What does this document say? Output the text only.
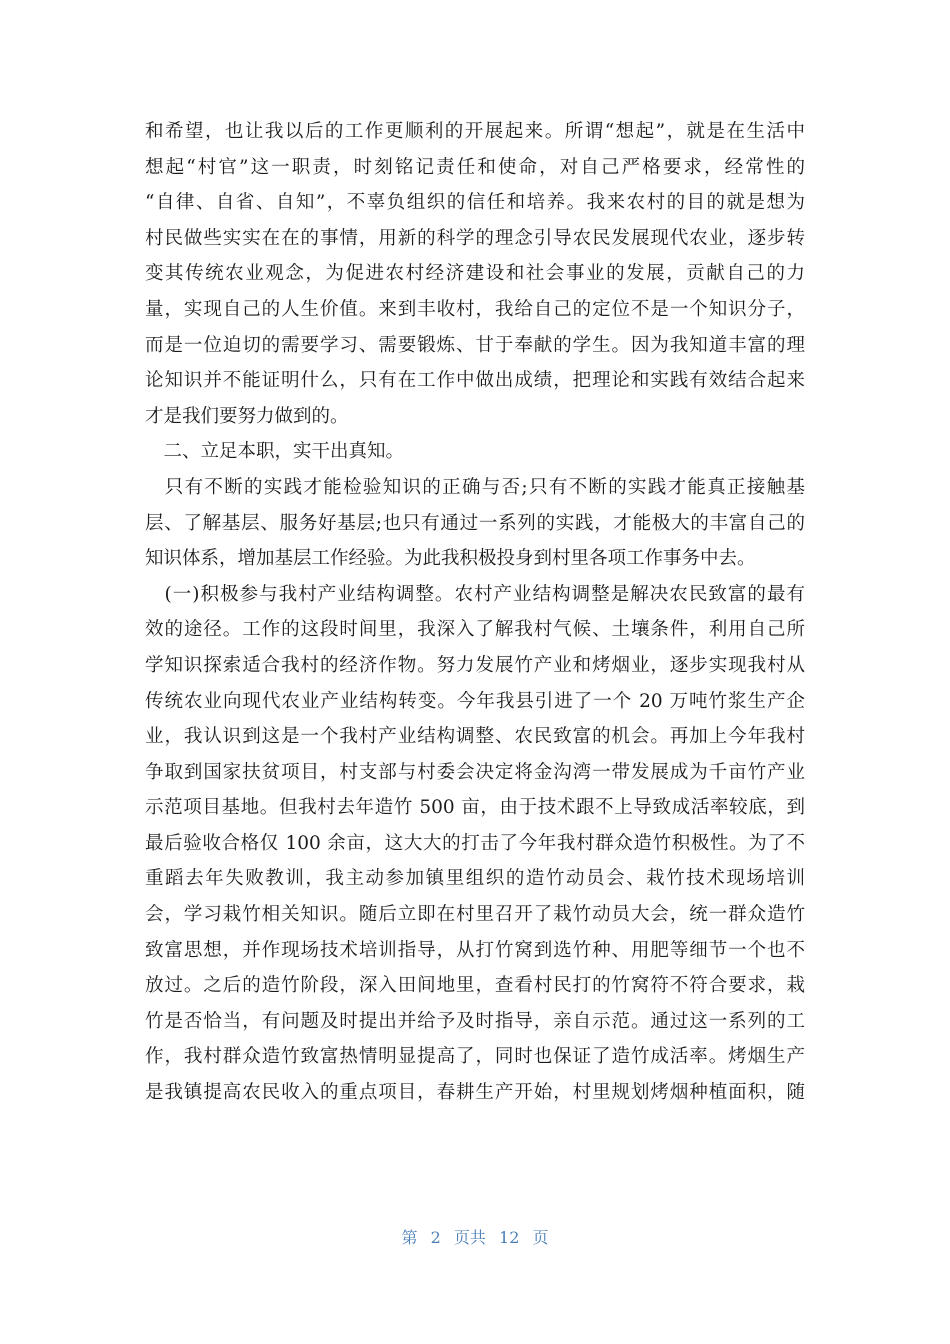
和希望，也让我以后的工作更顺利的开展起来。所谓“想起”，就是在生活中
想起“村官”这一职责，时刻铭记责任和使命，对自己严格要求，经常性的
“自律、自省、自知”，不辜负组织的信任和培养。我来农村的目的就是想为
村民做些实实在在的事情，用新的科学的理念引导农民发展现代农业，逐步转
变其传统农业观念，为促进农村经济建设和社会事业的发展，贡献自己的力
量，实现自己的人生价值。来到丰收村，我给自己的定位不是一个知识分子，
而是一位迫切的需要学习、需要锻炼、甘于奉献的学生。因为我知道丰富的理
论知识并不能证明什么，只有在工作中做出成绩，把理论和实践有效结合起来
才是我们要努力做到的。
　二、立足本职，实干出真知。
　只有不断的实践才能检验知识的正确与否;只有不断的实践才能真正接触基
层、了解基层、服务好基层;也只有通过一系列的实践，才能极大的丰富自己的
知识体系，增加基层工作经验。为此我积极投身到村里各项工作事务中去。
　(一)积极参与我村产业结构调整。农村产业结构调整是解决农民致富的最有
效的途径。工作的这段时间里，我深入了解我村气候、土壤条件，利用自己所
学知识探索适合我村的经济作物。努力发展竹产业和烤烟业，逐步实现我村从
传统农业向现代农业产业结构转变。今年我县引进了一个 20 万吨竹浆生产企
业，我认识到这是一个我村产业结构调整、农民致富的机会。再加上今年我村
争取到国家扶贫项目，村支部与村委会决定将金沟湾一带发展成为千亩竹产业
示范项目基地。但我村去年造竹 500 亩，由于技术跟不上导致成活率较底，到
最后验收合格仅 100 余亩，这大大的打击了今年我村群众造竹积极性。为了不
重蹈去年失败教训，我主动参加镇里组织的造竹动员会、栽竹技术现场培训
会，学习栽竹相关知识。随后立即在村里召开了栽竹动员大会，统一群众造竹
致富思想，并作现场技术培训指导，从打竹窝到选竹种、用肥等细节一个也不
放过。之后的造竹阶段，深入田间地里，查看村民打的竹窝符不符合要求，栽
竹是否恰当，有问题及时提出并给予及时指导，亲自示范。通过这一系列的工
作，我村群众造竹致富热情明显提高了，同时也保证了造竹成活率。烤烟生产
是我镇提高农民收入的重点项目，春耕生产开始，村里规划烤烟种植面积，随
第 2 页共 12 页
